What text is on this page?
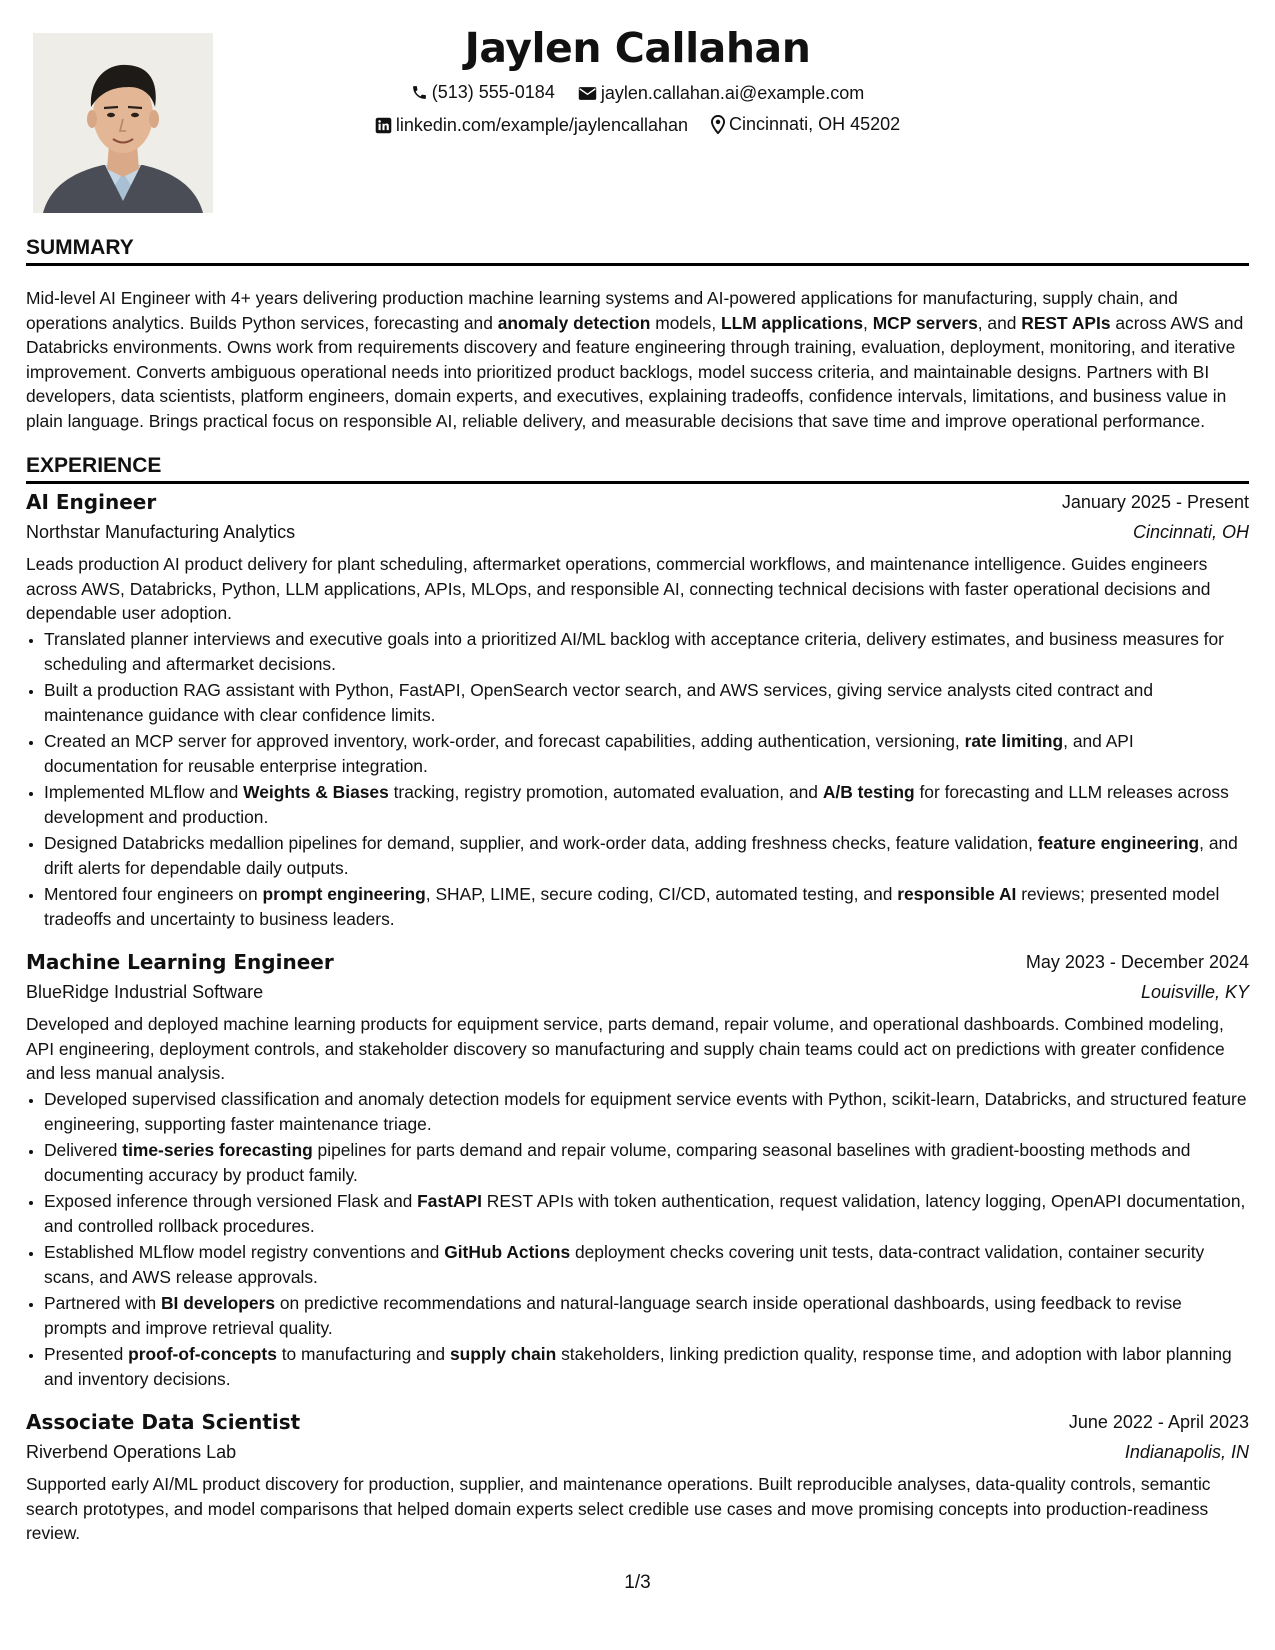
Jaylen Callahan
(513) 555-0184
	jaylen.callahan.ai@example.com
linkedin.com/example/jaylencallahan
Cincinnati, OH 45202
SUMMARY
Mid-level AI Engineer with 4+ years delivering production machine learning systems and AI-powered applications for manufacturing, supply chain, and operations analytics. Builds Python services, forecasting and anomaly detection models, LLM applications, MCP servers, and REST APIs across AWS and Databricks environments. Owns work from requirements discovery and feature engineering through training, evaluation, deployment, monitoring, and iterative improvement. Converts ambiguous operational needs into prioritized product backlogs, model success criteria, and maintainable designs. Partners with BI developers, data scientists, platform engineers, domain experts, and executives, explaining tradeoffs, confidence intervals, limitations, and business value in plain language. Brings practical focus on responsible AI, reliable delivery, and measurable decisions that save time and improve operational performance.
EXPERIENCE
AI Engineer	January 2025 - Present
Northstar Manufacturing Analytics	Cincinnati, OH
Leads production AI product delivery for plant scheduling, aftermarket operations, commercial workflows, and maintenance intelligence. Guides engineers across AWS, Databricks, Python, LLM applications, APIs, MLOps, and responsible AI, connecting technical decisions with faster operational decisions and dependable user adoption.
• Translated planner interviews and executive goals into a prioritized AI/ML backlog with acceptance criteria, delivery estimates, and business measures for scheduling and aftermarket decisions.
• Built a production RAG assistant with Python, FastAPI, OpenSearch vector search, and AWS services, giving service analysts cited contract and maintenance guidance with clear confidence limits.
• Created an MCP server for approved inventory, work-order, and forecast capabilities, adding authentication, versioning, rate limiting, and API documentation for reusable enterprise integration.
• Implemented MLflow and Weights & Biases tracking, registry promotion, automated evaluation, and A/B testing for forecasting and LLM releases across development and production.
• Designed Databricks medallion pipelines for demand, supplier, and work-order data, adding freshness checks, feature validation, feature engineering, and drift alerts for dependable daily outputs.
• Mentored four engineers on prompt engineering, SHAP, LIME, secure coding, CI/CD, automated testing, and responsible AI reviews; presented model tradeoffs and uncertainty to business leaders.
Machine Learning Engineer	May 2023 - December 2024
BlueRidge Industrial Software	Louisville, KY
Developed and deployed machine learning products for equipment service, parts demand, repair volume, and operational dashboards. Combined modeling, API engineering, deployment controls, and stakeholder discovery so manufacturing and supply chain teams could act on predictions with greater confidence and less manual analysis.
• Developed supervised classification and anomaly detection models for equipment service events with Python, scikit-learn, Databricks, and structured feature engineering, supporting faster maintenance triage.
• Delivered time-series forecasting pipelines for parts demand and repair volume, comparing seasonal baselines with gradient-boosting methods and documenting accuracy by product family.
• Exposed inference through versioned Flask and FastAPI REST APIs with token authentication, request validation, latency logging, OpenAPI documentation, and controlled rollback procedures.
• Established MLflow model registry conventions and GitHub Actions deployment checks covering unit tests, data-contract validation, container security scans, and AWS release approvals.
• Partnered with BI developers on predictive recommendations and natural-language search inside operational dashboards, using feedback to revise prompts and improve retrieval quality.
• Presented proof-of-concepts to manufacturing and supply chain stakeholders, linking prediction quality, response time, and adoption with labor planning and inventory decisions.
Associate Data Scientist	June 2022 - April 2023
Riverbend Operations Lab	Indianapolis, IN
Supported early AI/ML product discovery for production, supplier, and maintenance operations. Built reproducible analyses, data-quality controls, semantic search prototypes, and model comparisons that helped domain experts select credible use cases and move promising concepts into production-readiness review.
1/3
